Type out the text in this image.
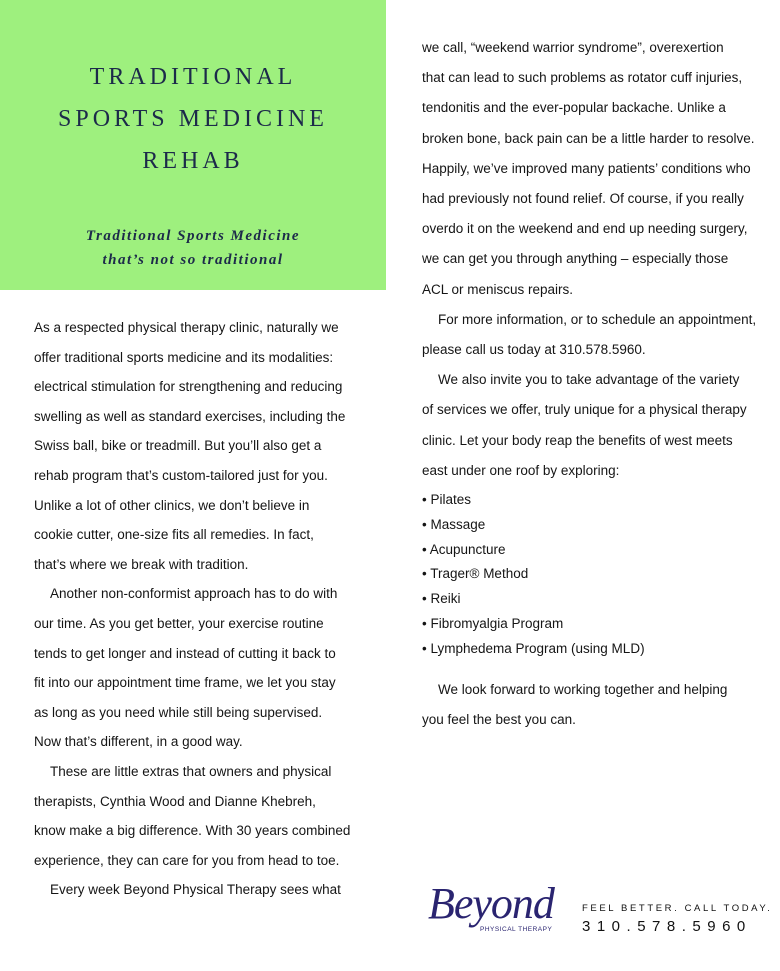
TRADITIONAL
SPORTS MEDICINE
REHAB
Traditional Sports Medicine
that’s not so traditional
As a respected physical therapy clinic, naturally we
offer traditional sports medicine and its modalities:
electrical stimulation for strengthening and reducing
swelling as well as standard exercises, including the
Swiss ball, bike or treadmill. But you’ll also get a
rehab program that’s custom-tailored just for you.
Unlike a lot of other clinics, we don’t believe in
cookie cutter, one-size fits all remedies. In fact,
that’s where we break with tradition.
Another non-conformist approach has to do with
our time. As you get better, your exercise routine
tends to get longer and instead of cutting it back to
fit into our appointment time frame, we let you stay
as long as you need while still being supervised.
Now that’s different, in a good way.
These are little extras that owners and physical
therapists, Cynthia Wood and Dianne Khebreh,
know make a big difference. With 30 years combined
experience, they can care for you from head to toe.
Every week Beyond Physical Therapy sees what
we call, “weekend warrior syndrome”, overexertion
that can lead to such problems as rotator cuff injuries,
tendonitis and the ever-popular backache. Unlike a
broken bone, back pain can be a little harder to resolve.
Happily, we’ve improved many patients’ conditions who
had previously not found relief. Of course, if you really
overdo it on the weekend and end up needing surgery,
we can get you through anything – especially those
ACL or meniscus repairs.
For more information, or to schedule an appointment,
please call us today at 310.578.5960.
We also invite you to take advantage of the variety
of services we offer, truly unique for a physical therapy
clinic. Let your body reap the benefits of west meets
east under one roof by exploring:
• Pilates
• Massage
• Acupuncture
• Trager® Method
• Reiki
• Fibromyalgia Program
• Lymphedema Program (using MLD)
We look forward to working together and helping
you feel the best you can.
Beyond
PHYSICAL THERAPY
FEEL BETTER. CALL TODAY.
310.578.5960
